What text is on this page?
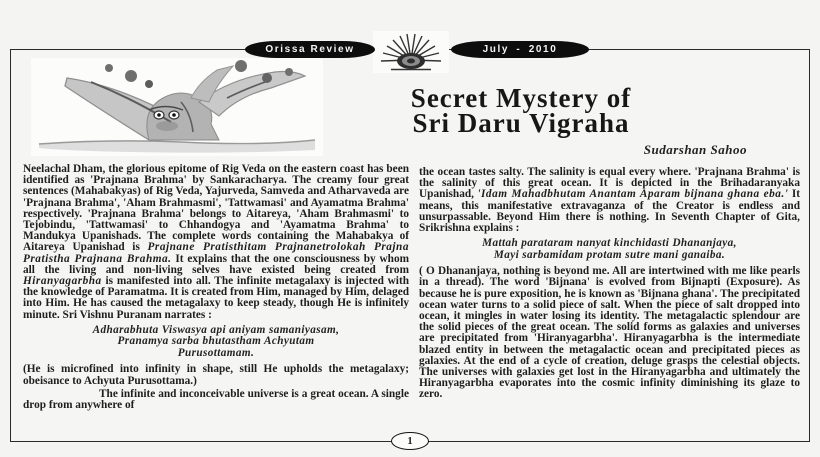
Orissa Review	July - 2010
Secret Mystery of
Sri Daru Vigraha
Sudarshan Sahoo

Neelachal Dham, the glorious epitome of Rig Veda on the eastern coast has been identified as 'Prajnana Brahma' by Sankaracharya. The creamy four great sentences (Mahabakyas) of Rig Veda, Yajurveda, Samveda and Atharvaveda are 'Prajnana Brahma', 'Aham Brahmasmi', 'Tattwamasi' and Ayamatma Brahma' respectively. 'Prajnana Brahma' belongs to Aitareya, 'Aham Brahmasmi' to Tejobindu, 'Tattwamasi' to Chhandogya and 'Ayamatma Brahma' to Mandukya Upanishads. The complete words containing the Mahabakya of Aitareya Upanishad is Prajnane Pratisthitam Prajnanetrolokah Prajna Pratistha Prajnana Brahma. It explains that the one consciousness by whom all the living and non-living selves have existed being created from Hiranyagarbha is manifested into all. The infinite metagalaxy is injected with the knowledge of Paramatma. It is created from Him, managed by Him, delaged into Him. He has caused the metagalaxy to keep steady, though He is infinitely minute. Sri Vishnu Puranam narrates :

Adharabhuta Viswasya api aniyam samaniyasam,
Pranamya sarba bhutastham Achyutam
Purusottamam.

(He is microfined into infinity in shape, still He upholds the metagalaxy; obeisance to Achyuta Purusottama.)

The infinite and inconceivable universe is a great ocean. A single drop from anywhere of

the ocean tastes salty. The salinity is equal every where. 'Prajnana Brahma' is the salinity of this great ocean. It is depicted in the Brihadaranyaka Upanishad, 'Idam Mahadbhutam Anantam Aparam bijnana ghana eba.' It means, this manifestative extravaganza of the Creator is endless and unsurpassable. Beyond Him there is nothing. In Seventh Chapter of Gita, Srikrishna explains :

Mattah parataram nanyat kinchidasti Dhananjaya,
Mayi sarbamidam protam sutre mani ganaiba.

( O Dhananjaya, nothing is beyond me. All are intertwined with me like pearls in a thread). The word 'Bijnana' is evolved from Bijnapti (Exposure). As because he is pure exposition, he is known as 'Bijnana ghana'. The precipitated ocean water turns to a solid piece of salt. When the piece of salt dropped into ocean, it mingles in water losing its identity. The metagalactic splendour are the solid pieces of the great ocean. The solid forms as galaxies and universes are precipitated from 'Hiranyagarbha'. Hiranyagarbha is the intermediate blazed entity in between the metagalactic ocean and precipitated pieces as galaxies. At the end of a cycle of creation, deluge grasps the celestial objects. The universes with galaxies get lost in the Hiranyagarbha and ultimately the Hiranyagarbha evaporates into the cosmic infinity diminishing its glaze to zero.

1
